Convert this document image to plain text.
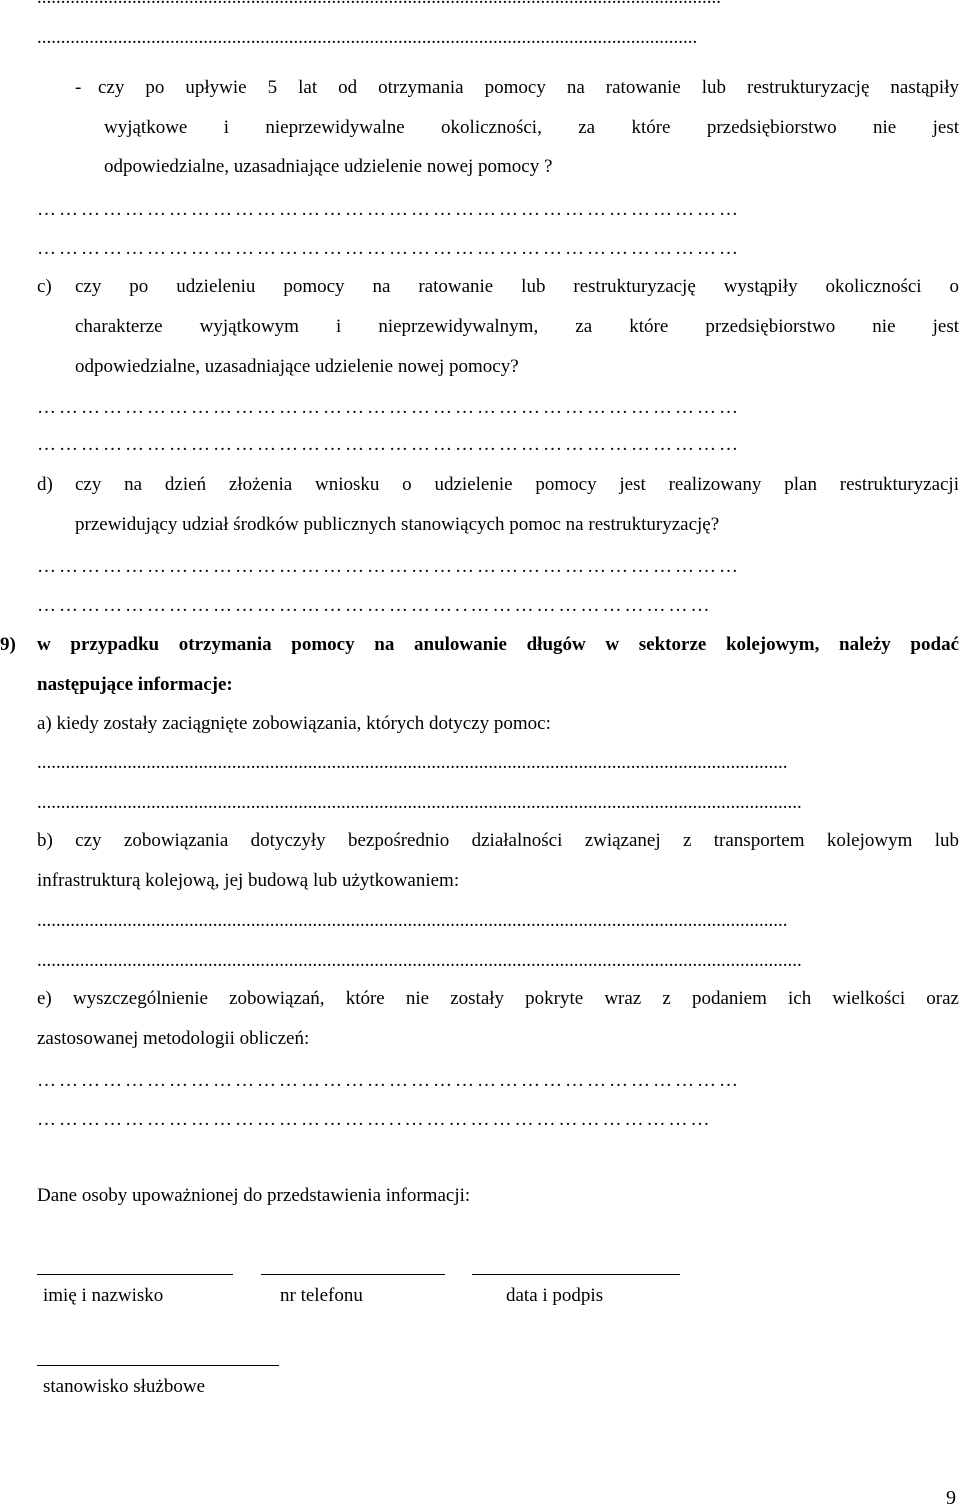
...........................................................................................................................................
- czy po upływie 5 lat od otrzymania pomocy na ratowanie lub restrukturyzację nastąpiły
wyjątkowe i nieprzewidywalne okoliczności, za które przedsiębiorstwo nie jest
odpowiedzialne, uzasadniające udzielenie nowej pomocy ?
……………………………………………………………………………………
……………………………………………………………………………………
c) czy po udzieleniu pomocy na ratowanie lub restrukturyzację wystąpiły okoliczności o
charakterze wyjątkowym i nieprzewidywalnym, za które przedsiębiorstwo nie jest
odpowiedzialne, uzasadniające udzielenie nowej pomocy?
……………………………………………………………………………………
……………………………………………………………………………………
d) czy na dzień złożenia wniosku o udzielenie pomocy jest realizowany plan restrukturyzacji
przewidujący udział środków publicznych stanowiących pomoc na restrukturyzację?
……………………………………………………………………………………
…………………………………………………..……………………………
9) w przypadku otrzymania pomocy na anulowanie długów w sektorze kolejowym, należy podać
następujące informacje:
a) kiedy zostały zaciągnięte zobowiązania, których dotyczy pomoc:
..............................................................................................................................................................
.................................................................................................................................................................
b) czy zobowiązania dotyczyły bezpośrednio działalności związanej z transportem kolejowym lub
infrastrukturą kolejową, jej budową lub użytkowaniem:
..............................................................................................................................................................
.................................................................................................................................................................
e) wyszczególnienie zobowiązań, które nie zostały pokryte wraz z podaniem ich wielkości oraz
zastosowanej metodologii obliczeń:
……………………………………………………………………………………
…………………………………………..……………………………………
Dane osoby upoważnionej do przedstawienia informacji:
imię i nazwisko	nr telefonu	data i podpis
stanowisko służbowe
9
